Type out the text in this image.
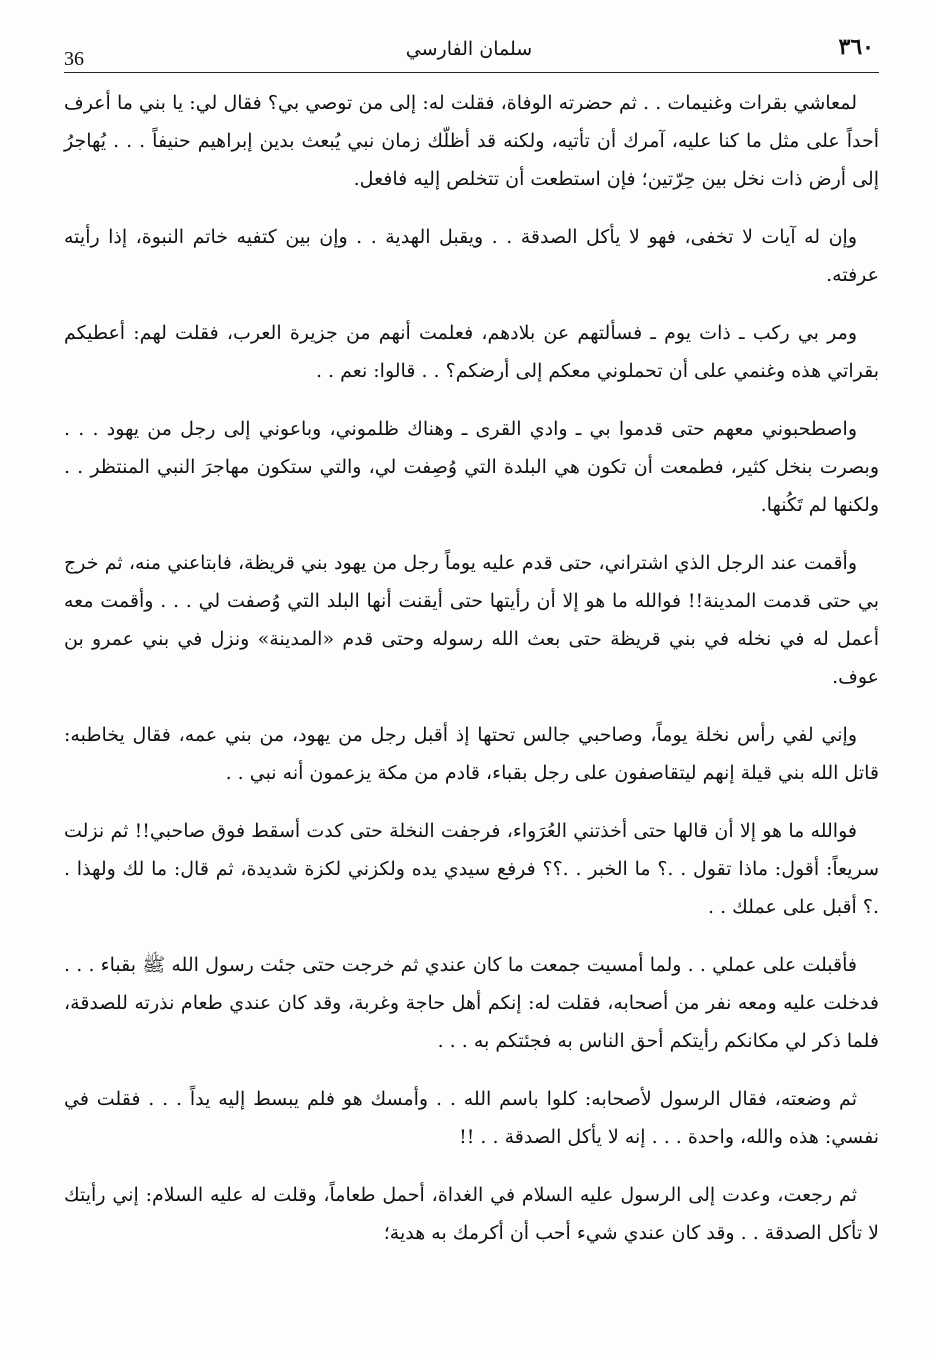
36	سلمان الفارسي	٣٦٠

لمعاشي بقرات وغنيمات . . ثم حضرته الوفاة، فقلت له: إلى من توصي بي؟ فقال لي: يا بني ما أعرف أحداً على مثل ما كنا عليه، آمرك أن تأتيه، ولكنه قد أظلّك زمان نبي يُبعث بدين إبراهيم حنيفاً . . . يُهاجرُ إلى أرض ذات نخل بين حِرّتين؛ فإن استطعت أن تتخلص إليه فافعل.

وإن له آيات لا تخفى، فهو لا يأكل الصدقة . . ويقبل الهدية . . وإن بين كتفيه خاتم النبوة، إذا رأيته عرفته.

ومر بي ركب ـ ذات يوم ـ فسألتهم عن بلادهم، فعلمت أنهم من جزيرة العرب، فقلت لهم: أعطيكم بقراتي هذه وغنمي على أن تحملوني معكم إلى أرضكم؟ . . قالوا: نعم . .

واصطحبوني معهم حتى قدموا بي ـ وادي القرى ـ وهناك ظلموني، وباعوني إلى رجل من يهود . . . وبصرت بنخل كثير، فطمعت أن تكون هي البلدة التي وُصِفت لي، والتي ستكون مهاجرَ النبي المنتظر . . ولكنها لم تَكُنها.

وأقمت عند الرجل الذي اشتراني، حتى قدم عليه يوماً رجل من يهود بني قريظة، فابتاعني منه، ثم خرج بي حتى قدمت المدينة!! فوالله ما هو إلا أن رأيتها حتى أيقنت أنها البلد التي وُصفت لي . . . وأقمت معه أعمل له في نخله في بني قريظة حتى بعث الله رسوله وحتى قدم «المدينة» ونزل في بني عمرو بن عوف.

وإني لفي رأس نخلة يوماً، وصاحبي جالس تحتها إذ أقبل رجل من يهود، من بني عمه، فقال يخاطبه: قاتل الله بني قيلة إنهم ليتقاصفون على رجل بقباء، قادم من مكة يزعمون أنه نبي . .

فوالله ما هو إلا أن قالها حتى أخذتني العُرَواء، فرجفت النخلة حتى كدت أسقط فوق صاحبي!! ثم نزلت سريعاً: أقول: ماذا تقول . .؟ ما الخبر . .؟؟ فرفع سيدي يده ولكزني لكزة شديدة، ثم قال: ما لك ولهذا . .؟ أقبل على عملك . .

فأقبلت على عملي . . ولما أمسيت جمعت ما كان عندي ثم خرجت حتى جئت رسول الله ﷺ بقباء . . . فدخلت عليه ومعه نفر من أصحابه، فقلت له: إنكم أهل حاجة وغربة، وقد كان عندي طعام نذرته للصدقة، فلما ذكر لي مكانكم رأيتكم أحق الناس به فجئتكم به . . .

ثم وضعته، فقال الرسول لأصحابه: كلوا باسم الله . . وأمسك هو فلم يبسط إليه يداً . . . فقلت في نفسي: هذه والله، واحدة . . . إنه لا يأكل الصدقة . . !!

ثم رجعت، وعدت إلى الرسول عليه السلام في الغداة، أحمل طعاماً، وقلت له عليه السلام: إني رأيتك لا تأكل الصدقة . . وقد كان عندي شيء أحب أن أكرمك به هدية؛
